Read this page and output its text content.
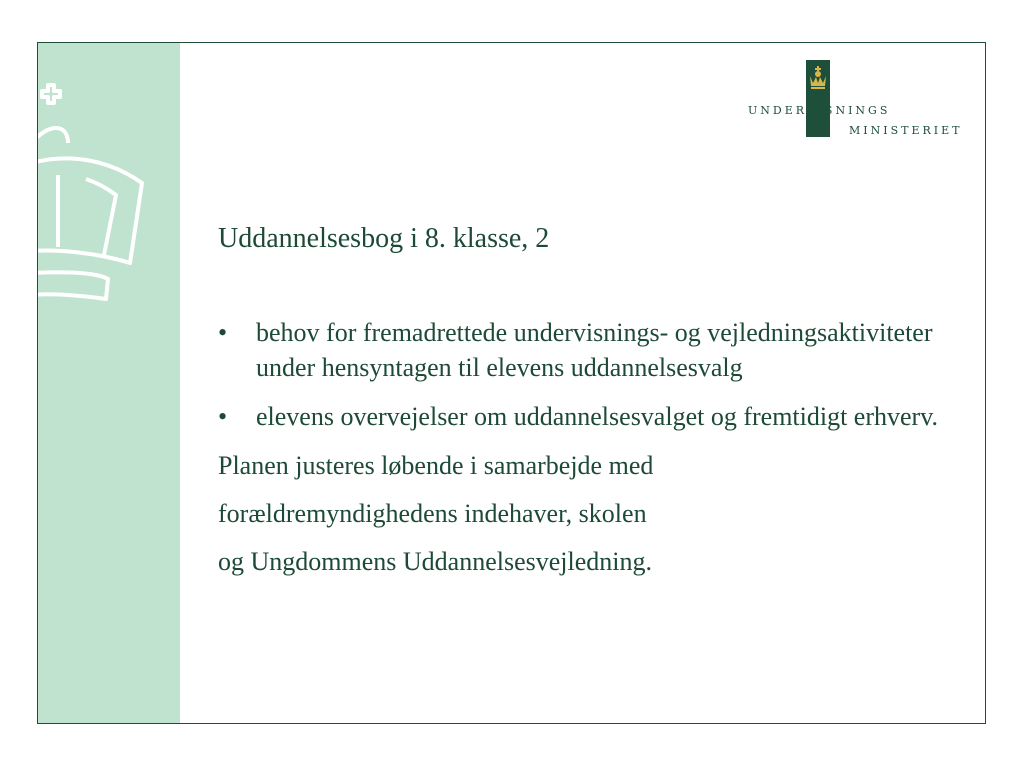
UNDERVISNINGS
MINISTERIET
Uddannelsesbog i 8. klasse, 2
• behov for fremadrettede undervisnings- og vejledningsaktiviteter under hensyntagen til elevens uddannelsesvalg
• elevens overvejelser om uddannelsesvalget og fremtidigt erhverv.

Planen justeres løbende i samarbejde med

forældremyndighedens indehaver, skolen

og Ungdommens Uddannelsesvejledning.
